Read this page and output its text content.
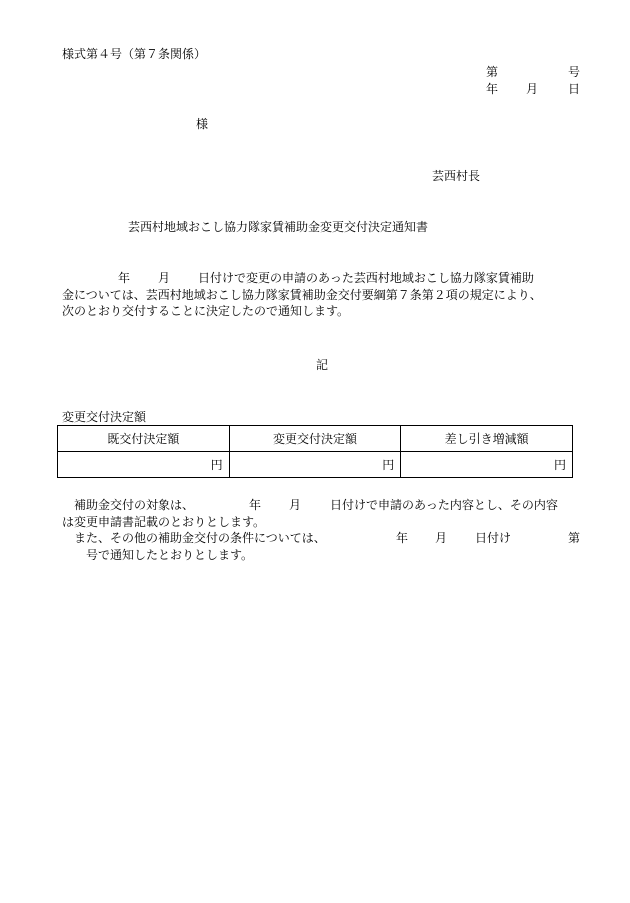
様式第４号（第７条関係）
第	号
年 月 日
様
芸西村長
芸西村地域おこし協力隊家賃補助金変更交付決定通知書
年 月 日付けで変更の申請のあった芸西村地域おこし協力隊家賃補助
金については、芸西村地域おこし協力隊家賃補助金交付要綱第７条第２項の規定により、
次のとおり交付することに決定したので通知します。
記
変更交付決定額
既交付決定額	変更交付決定額	差し引き増減額
円	円	円
補助金交付の対象は、	年 月 日付けで申請のあった内容とし、その内容
は変更申請書記載のとおりとします。
また、その他の補助金交付の条件については、	年 月 日付け	第
号で通知したとおりとします。
